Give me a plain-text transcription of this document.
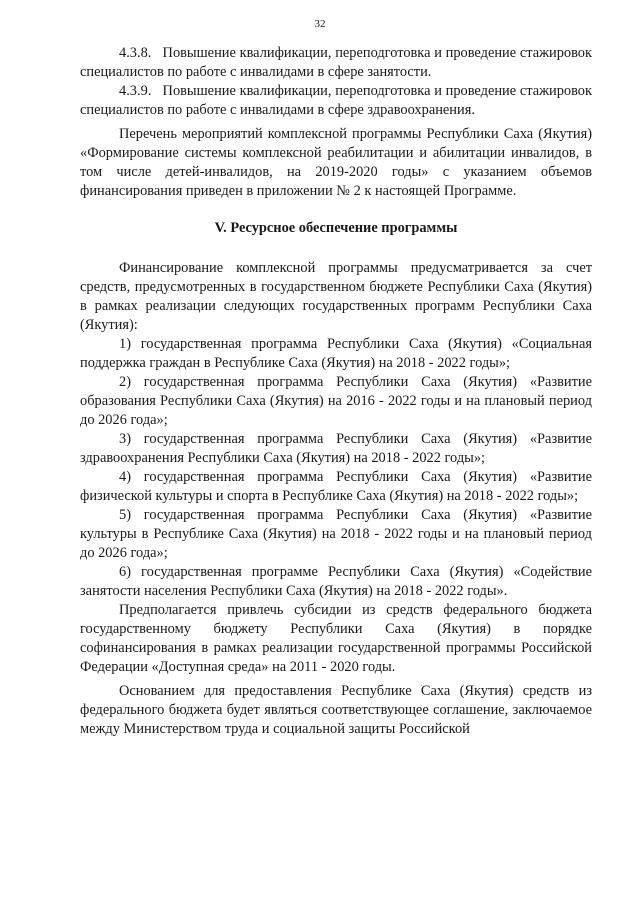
32

4.3.8.   Повышение квалификации, переподготовка и проведение стажировок специалистов по работе с инвалидами в сфере занятости.

4.3.9.   Повышение квалификации, переподготовка и проведение стажировок специалистов по работе с инвалидами в сфере здравоохранения.

Перечень мероприятий комплексной программы Республики Саха (Якутия) «Формирование системы комплексной реабилитации и абилитации инвалидов, в том числе детей-инвалидов, на 2019-2020 годы» с указанием объемов финансирования приведен в приложении № 2 к настоящей Программе.

V. Ресурсное обеспечение программы

Финансирование комплексной программы предусматривается за счет средств, предусмотренных в государственном бюджете Республики Саха (Якутия) в рамках реализации следующих государственных программ Республики Саха (Якутия):

1) государственная программа Республики Саха (Якутия) «Социальная поддержка граждан в Республике Саха (Якутия) на 2018 - 2022 годы»;

2) государственная программа Республики Саха (Якутия) «Развитие образования Республики Саха (Якутия) на 2016 - 2022 годы и на плановый период до 2026 года»;

3) государственная программа Республики Саха (Якутия) «Развитие здравоохранения Республики Саха (Якутия) на 2018 - 2022 годы»;

4) государственная программа Республики Саха (Якутия) «Развитие физической культуры и спорта в Республике Саха (Якутия) на 2018 - 2022 годы»;

5) государственная программа Республики Саха (Якутия) «Развитие культуры в Республике Саха (Якутия) на 2018 - 2022 годы и на плановый период до 2026 года»;

6) государственная программе Республики Саха (Якутия) «Содействие занятости населения Республики Саха (Якутия) на 2018 - 2022 годы».

Предполагается привлечь субсидии из средств федерального бюджета государственному бюджету Республики Саха (Якутия) в порядке софинансирования в рамках реализации государственной программы Российской Федерации «Доступная среда» на 2011 - 2020 годы.

Основанием для предоставления Республике Саха (Якутия) средств из федерального бюджета будет являться соответствующее соглашение, заключаемое между Министерством труда и социальной защиты Российской
